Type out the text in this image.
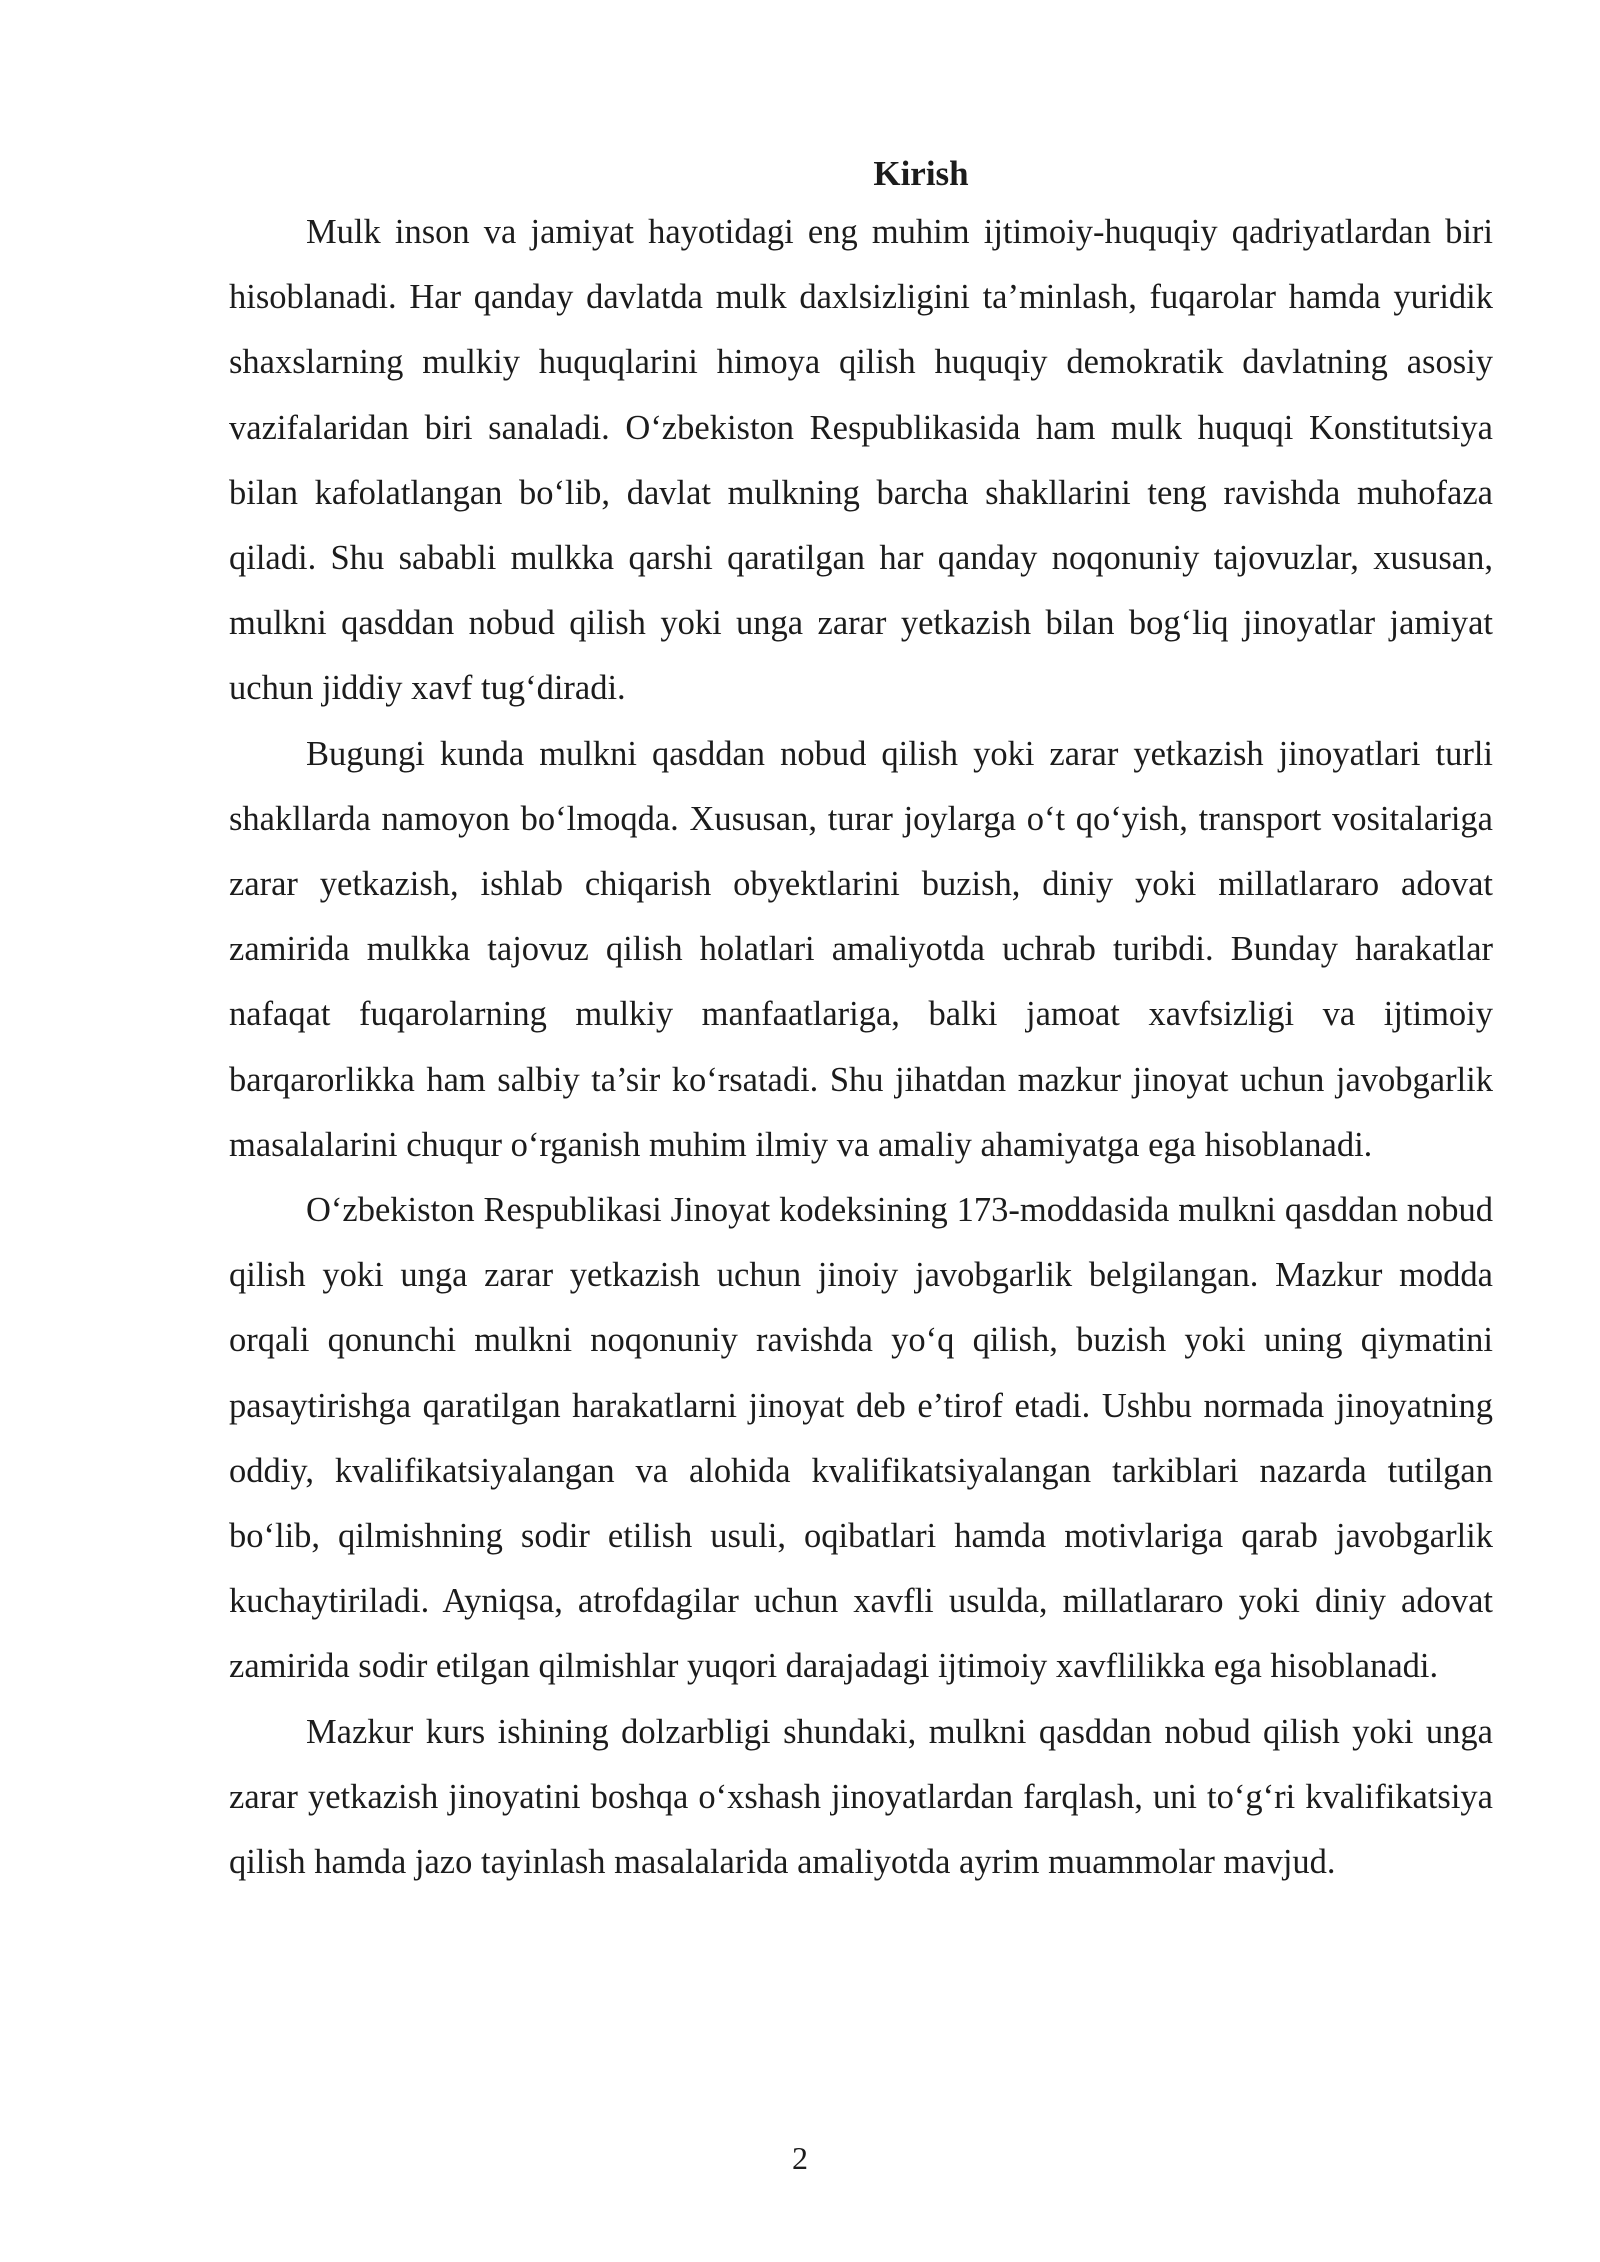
Kirish

Mulk inson va jamiyat hayotidagi eng muhim ijtimoiy-huquqiy qadriyatlardan biri hisoblanadi. Har qanday davlatda mulk daxlsizligini ta’minlash, fuqarolar hamda yuridik shaxslarning mulkiy huquqlarini himoya qilish huquqiy demokratik davlatning asosiy vazifalaridan biri sanaladi. O‘zbekiston Respublikasida ham mulk huquqi Konstitutsiya bilan kafolatlangan bo‘lib, davlat mulkning barcha shakllarini teng ravishda muhofaza qiladi. Shu sababli mulkka qarshi qaratilgan har qanday noqonuniy tajovuzlar, xususan, mulkni qasddan nobud qilish yoki unga zarar yetkazish bilan bog‘liq jinoyatlar jamiyat uchun jiddiy xavf tug‘diradi.

Bugungi kunda mulkni qasddan nobud qilish yoki zarar yetkazish jinoyatlari turli shakllarda namoyon bo‘lmoqda. Xususan, turar joylarga o‘t qo‘yish, transport vositalariga zarar yetkazish, ishlab chiqarish obyektlarini buzish, diniy yoki millatlararo adovat zamirida mulkka tajovuz qilish holatlari amaliyotda uchrab turibdi. Bunday harakatlar nafaqat fuqarolarning mulkiy manfaatlariga, balki jamoat xavfsizligi va ijtimoiy barqarorlikka ham salbiy ta’sir ko‘rsatadi. Shu jihatdan mazkur jinoyat uchun javobgarlik masalalarini chuqur o‘rganish muhim ilmiy va amaliy ahamiyatga ega hisoblanadi.

O‘zbekiston Respublikasi Jinoyat kodeksining 173-moddasida mulkni qasddan nobud qilish yoki unga zarar yetkazish uchun jinoiy javobgarlik belgilangan. Mazkur modda orqali qonunchi mulkni noqonuniy ravishda yo‘q qilish, buzish yoki uning qiymatini pasaytirishga qaratilgan harakatlarni jinoyat deb e’tirof etadi. Ushbu normada jinoyatning oddiy, kvalifikatsiyalangan va alohida kvalifikatsiyalangan tarkiblari nazarda tutilgan bo‘lib, qilmishning sodir etilish usuli, oqibatlari hamda motivlariga qarab javobgarlik kuchaytiriladi. Ayniqsa, atrofdagilar uchun xavfli usulda, millatlararo yoki diniy adovat zamirida sodir etilgan qilmishlar yuqori darajadagi ijtimoiy xavflilikka ega hisoblanadi.

Mazkur kurs ishining dolzarbligi shundaki, mulkni qasddan nobud qilish yoki unga zarar yetkazish jinoyatini boshqa o‘xshash jinoyatlardan farqlash, uni to‘g‘ri kvalifikatsiya qilish hamda jazo tayinlash masalalarida amaliyotda ayrim muammolar mavjud.

2
